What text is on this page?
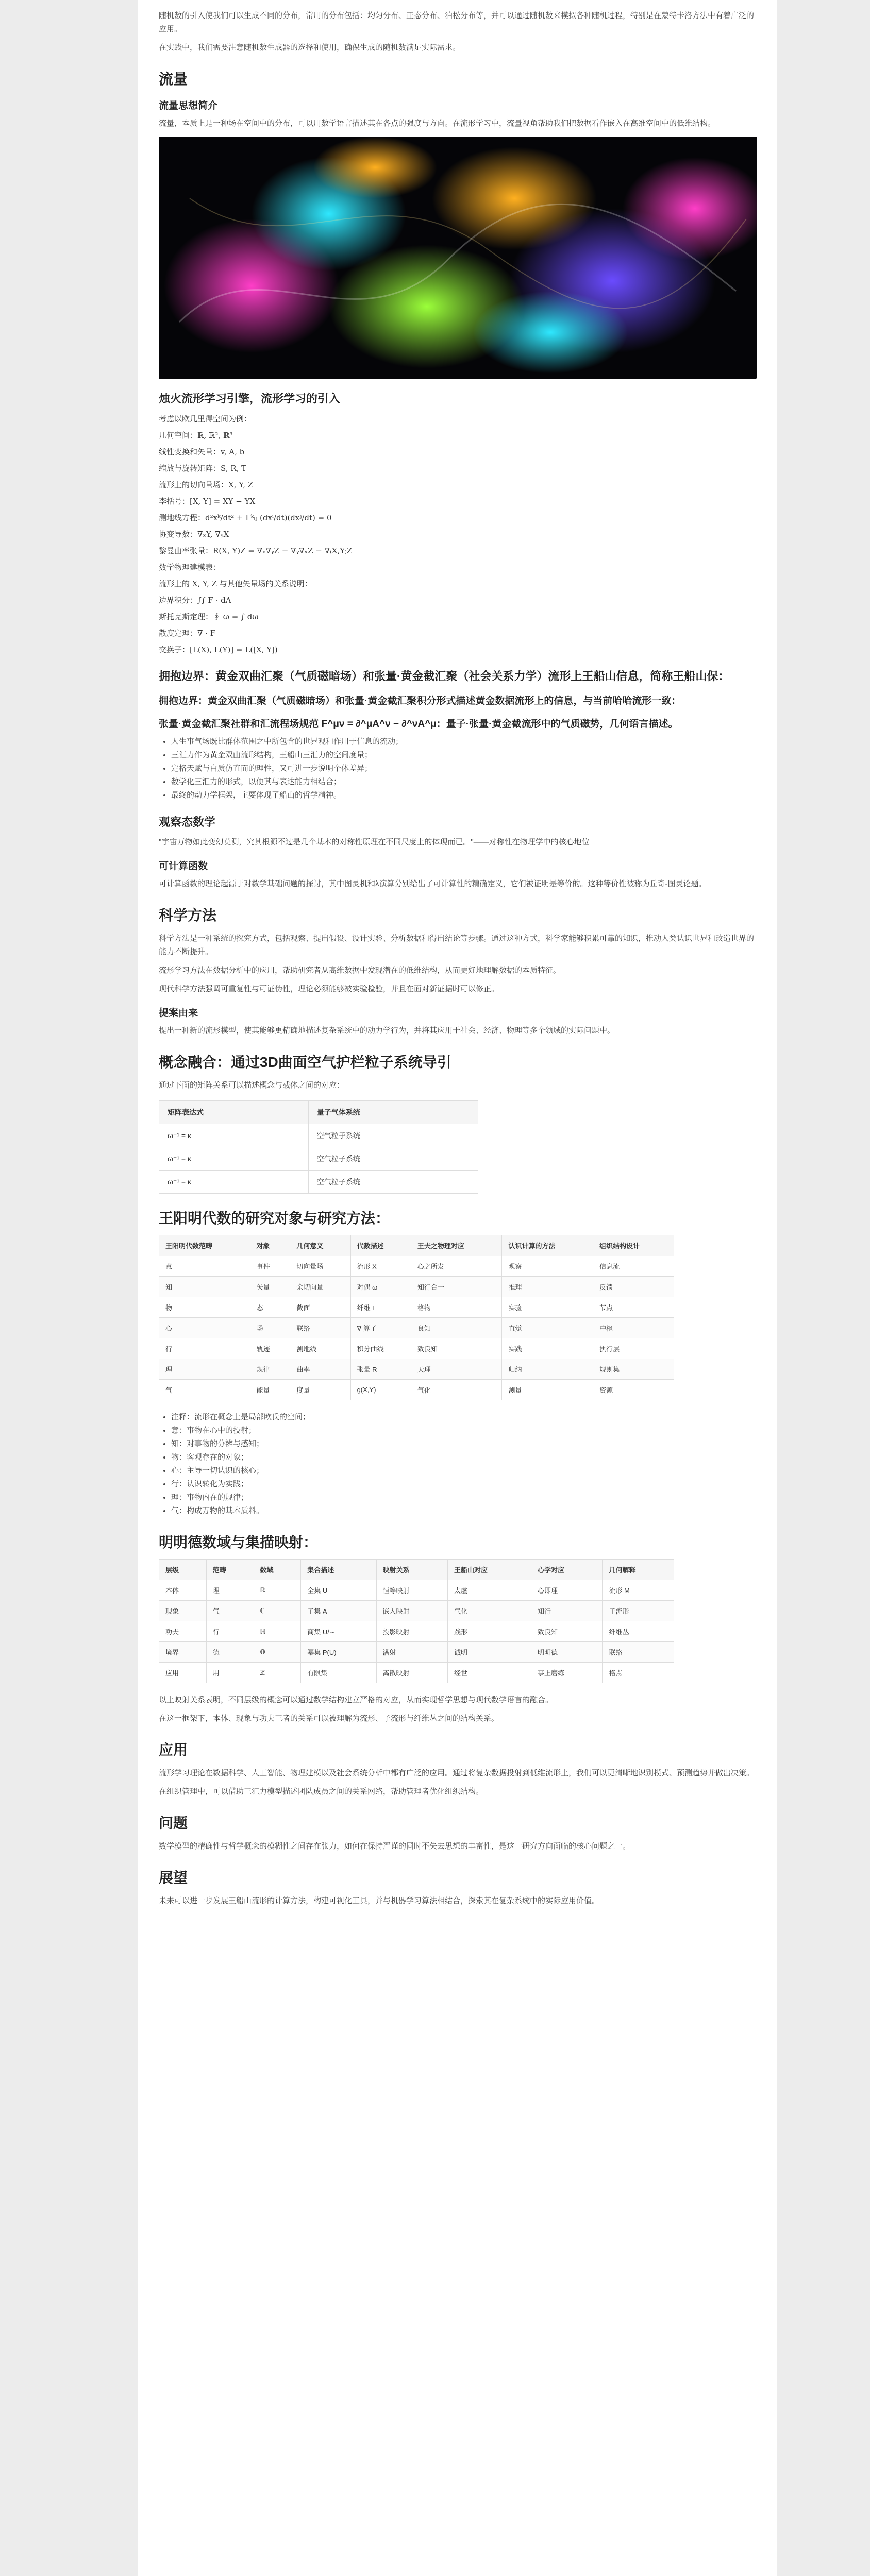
随机数的引入使我们可以生成不同的分布，常用的分布包括：均匀分布、正态分布、泊松分布等，并可以通过随机数来模拟各种随机过程，特别是在蒙特卡洛方法中有着广泛的应用。

在实践中，我们需要注意随机数生成器的选择和使用，确保生成的随机数满足实际需求。

流量
流量思想简介

流量，本质上是一种场在空间中的分布，可以用数学语言描述其在各点的强度与方向。在流形学习中，流量视角帮助我们把数据看作嵌入在高维空间中的低维结构。

烛火流形学习引擎，流形学习的引入
考虑以欧几里得空间为例：
几何空间：ℝ, ℝ², ℝ³
线性变换和矢量：v, A, b
缩放与旋转矩阵：S, R, T
流形上的切向量场：X, Y, Z
李括号：[X, Y] = XY − YX
测地线方程：d²xᵏ/dt² + Γᵏᵢⱼ (dxⁱ/dt)(dxʲ/dt) = 0
协变导数：∇ₓY, ∇ᵧX
黎曼曲率张量：R(X, Y)Z = ∇ₓ∇ᵧZ − ∇ᵧ∇ₓZ − ∇₍X,Y₎Z
数学物理建模表：
流形上的 X, Y, Z 与其他矢量场的关系说明：
边界积分：∫∫ F · dA
斯托克斯定理：∮ ω = ∫ dω
散度定理：∇ · F
交换子：[L(X), L(Y)] = L([X, Y])
拥抱边界：黄金双曲汇聚（气质磁暗场）和张量·黄金截汇聚（社会关系力学）流形上王船山信息，简称王船山保：
拥抱边界：黄金双曲汇聚（气质磁暗场）和张量·黄金截汇聚积分形式描述黄金数据流形上的信息，与当前哈哈流形一致：
张量·黄金截汇聚社群和汇流程场规范 F^μν = ∂^μA^ν − ∂^νA^μ：量子·张量·黄金截流形中的气质磁势，几何语言描述。
• 人生事气场既比群体范围之中所包含的世界观和作用于信息的流动；
• 三汇力作为黄金双曲流形结构，王船山三汇力的空间度量；
• 定格天赋与白质仿直而的理性，又可进一步说明个体差异；
• 数学化三汇力的形式，以便其与表达能力相结合；
• 最终的动力学框架，主要体现了船山的哲学精神。
观察态数学

"宇宙万物如此变幻莫测，究其根源不过是几个基本的对称性原理在不同尺度上的体现而已。"——对称性在物理学中的核心地位

可计算函数

可计算函数的理论起源于对数学基础问题的探讨，其中图灵机和λ演算分别给出了可计算性的精确定义，它们被证明是等价的。这种等价性被称为丘奇-图灵论题。

科学方法

科学方法是一种系统的探究方式，包括观察、提出假设、设计实验、分析数据和得出结论等步骤。通过这种方式，科学家能够积累可靠的知识，推动人类认识世界和改造世界的能力不断提升。

流形学习方法在数据分析中的应用，帮助研究者从高维数据中发现潜在的低维结构，从而更好地理解数据的本质特征。

现代科学方法强调可重复性与可证伪性，理论必须能够被实验检验，并且在面对新证据时可以修正。

提案由来

提出一种新的流形模型，使其能够更精确地描述复杂系统中的动力学行为，并将其应用于社会、经济、物理等多个领域的实际问题中。

概念融合：通过3D曲面空气护栏粒子系统导引

通过下面的矩阵关系可以描述概念与载体之间的对应：

矩阵表达式	量子气体系统
ω⁻¹ = κ	空气粒子系统
ω⁻¹ = κ	空气粒子系统
ω⁻¹ = κ	空气粒子系统
王阳明代数的研究对象与研究方法：
王阳明代数范畴	对象	几何意义	代数描述	王夫之物理对应	认识计算的方法	组织结构设计
意	事件	切向量场	流形 X	心之所发	观察	信息流
知	矢量	余切向量	对偶 ω	知行合一	推理	反馈
物	态	截面	纤维 E	格物	实验	节点
心	场	联络	∇ 算子	良知	直觉	中枢
行	轨迹	测地线	积分曲线	致良知	实践	执行层
理	规律	曲率	张量 R	天理	归纳	规则集
气	能量	度量	g(X,Y)	气化	测量	资源
• 注释：流形在概念上是局部欧氏的空间；
• 意：事物在心中的投射；
• 知：对事物的分辨与感知；
• 物：客观存在的对象；
• 心：主导一切认识的核心；
• 行：认识转化为实践；
• 理：事物内在的规律；
• 气：构成万物的基本质料。
明明德数域与集描映射：
层级	范畴	数域	集合描述	映射关系	王船山对应	心学对应	几何解释
本体	理	ℝ	全集 U	恒等映射	太虚	心即理	流形 M
现象	气	ℂ	子集 A	嵌入映射	气化	知行	子流形
功夫	行	ℍ	商集 U/∼	投影映射	践形	致良知	纤维丛
境界	德	𝕆	幂集 P(U)	满射	诚明	明明德	联络
应用	用	ℤ	有限集	离散映射	经世	事上磨练	格点

以上映射关系表明，不同层级的概念可以通过数学结构建立严格的对应，从而实现哲学思想与现代数学语言的融合。

在这一框架下，本体、现象与功夫三者的关系可以被理解为流形、子流形与纤维丛之间的结构关系。

应用

流形学习理论在数据科学、人工智能、物理建模以及社会系统分析中都有广泛的应用。通过将复杂数据投射到低维流形上，我们可以更清晰地识别模式、预测趋势并做出决策。

在组织管理中，可以借助三汇力模型描述团队成员之间的关系网络，帮助管理者优化组织结构。

问题

数学模型的精确性与哲学概念的模糊性之间存在张力，如何在保持严谨的同时不失去思想的丰富性，是这一研究方向面临的核心问题之一。

展望

未来可以进一步发展王船山流形的计算方法，构建可视化工具，并与机器学习算法相结合，探索其在复杂系统中的实际应用价值。
